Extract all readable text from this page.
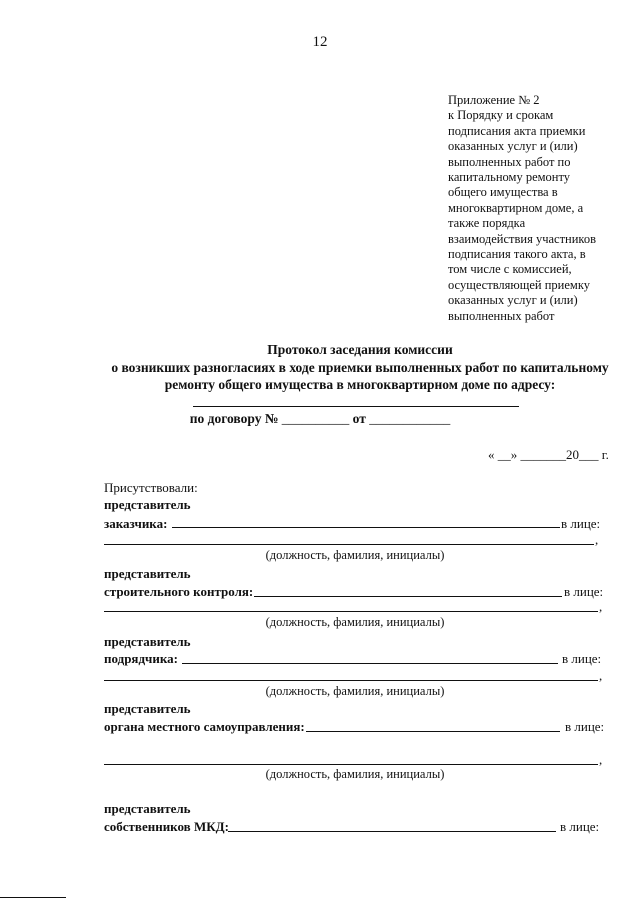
12
Приложение № 2
к Порядку и срокам
подписания акта приемки
оказанных услуг и (или)
выполненных работ по
капитальному ремонту
общего имущества в
многоквартирном доме, а
также порядка
взаимодействия участников
подписания такого акта, в
том числе с комиссией,
осуществляющей приемку
оказанных услуг и (или)
выполненных работ
Протокол заседания комиссии
о возникших разногласиях в ходе приемки выполненных работ по капитальному
ремонту общего имущества в многоквартирном доме по адресу:
по договору № __________ от ____________
« __» _______20___ г.
Присутствовали:
представитель
заказчика:	в лице:
,
(должность, фамилия, инициалы)
представитель
строительного контроля:	в лице:
,
(должность, фамилия, инициалы)
представитель
подрядчика:	в лице:
,
(должность, фамилия, инициалы)
представитель
органа местного самоуправления:	в лице:
,
(должность, фамилия, инициалы)
представитель
собственников МКД:	в лице:
